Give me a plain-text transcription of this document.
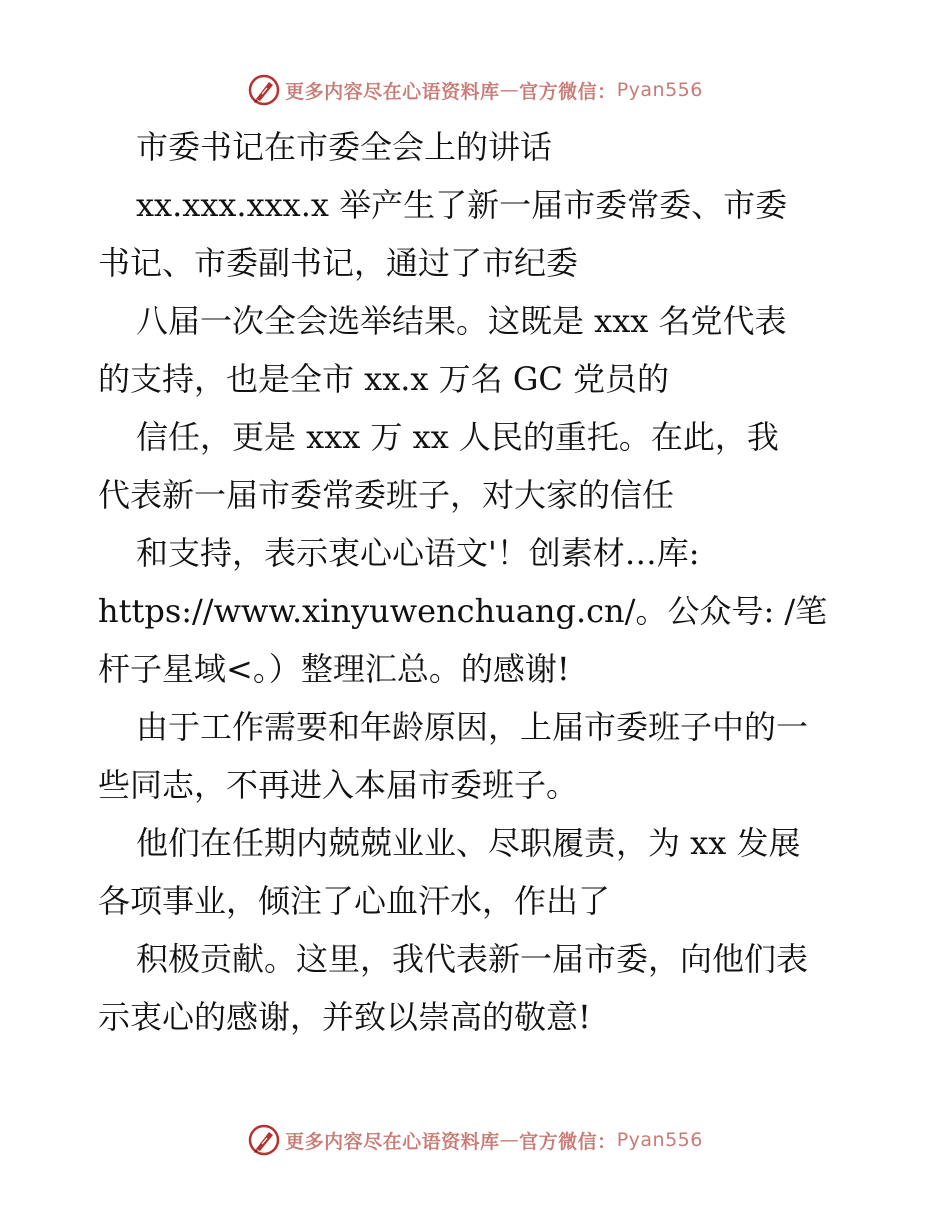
更多内容尽在心语资料库 — 官方微信： Pyan556
市委书记在市委全会上的讲话
xx.xxx.xxx.x 举产生了新一届市委常委、市委
书记、市委副书记，通过了市纪委
八届一次全会选举结果。这既是 xxx 名党代表
的支持，也是全市 xx.x 万名 GC 党员的
信任，更是 xxx 万 xx 人民的重托。在此，我
代表新一届市委常委班子，对大家的信任
和支持，表示衷心心语文'！创素材…库:
https://www.xinyuwenchuang.cn/。公众号: /笔
杆子星域<。）整理汇总。的感谢!
由于工作需要和年龄原因，上届市委班子中的一
些同志，不再进入本届市委班子。
他们在任期内兢兢业业、尽职履责，为 xx 发展
各项事业，倾注了心血汗水，作出了
积极贡献。这里，我代表新一届市委，向他们表
示衷心的感谢，并致以崇高的敬意!
更多内容尽在心语资料库 — 官方微信： Pyan556
